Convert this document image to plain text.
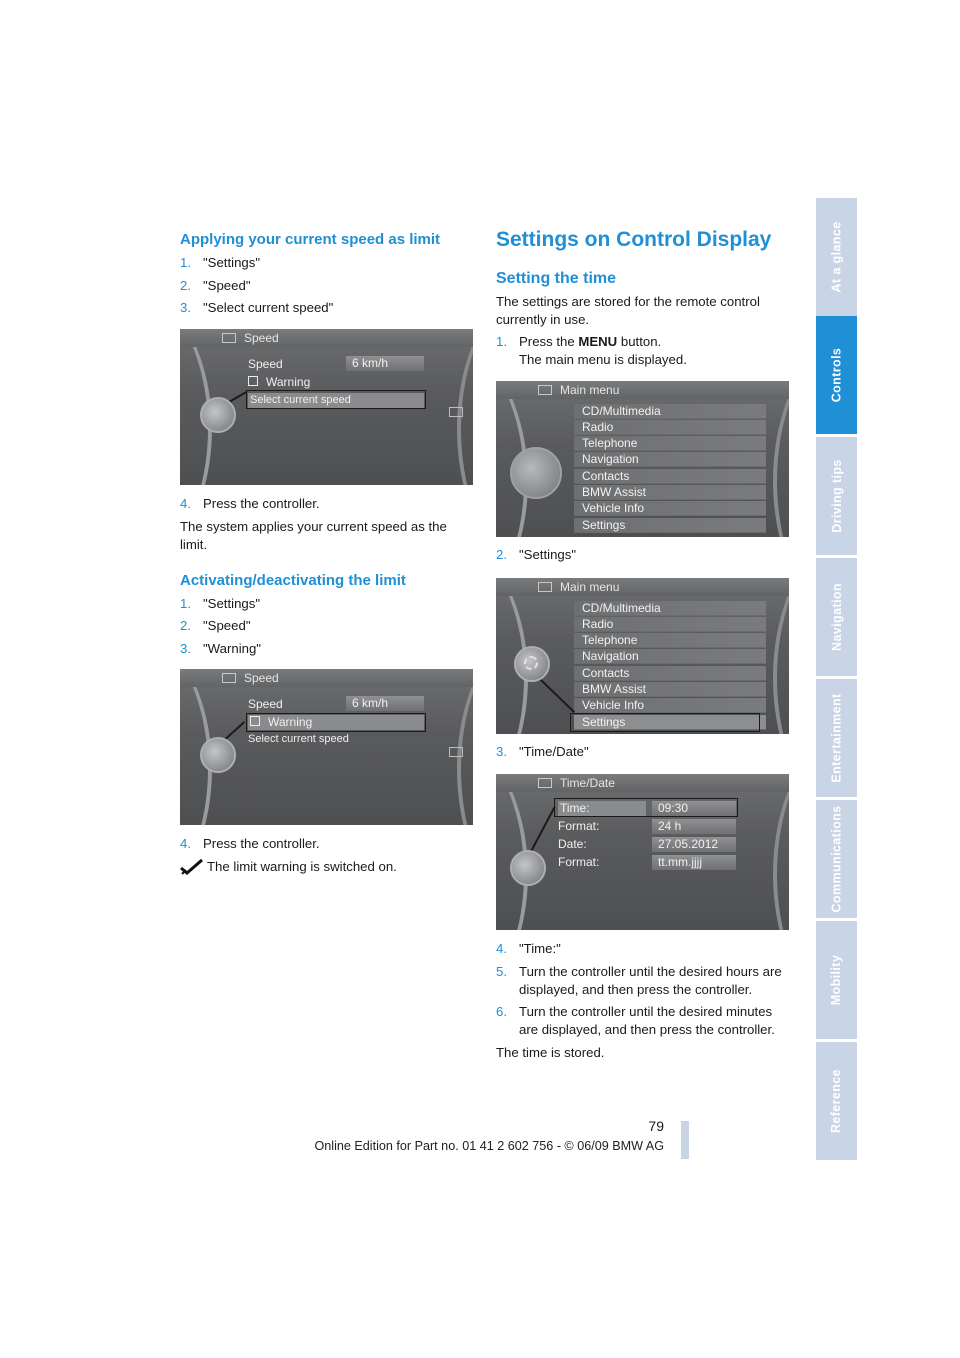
Applying your current speed as limit
1. "Settings"
2. "Speed"
3. "Select current speed"
Speed
Speed	6 km/h
Warning
Select current speed
4. Press the controller.

The system applies your current speed as the limit.

Activating/deactivating the limit
1. "Settings"
2. "Speed"
3. "Warning"
Speed
Speed	6 km/h
Warning
Select current speed
4. Press the controller.
The limit warning is switched on.
Settings on Control Display
Setting the time

The settings are stored for the remote control currently in use.

1. Press the MENU button.
The main menu is displayed.
Main menu
CD/Multimedia
Radio
Telephone
Navigation
Contacts
BMW Assist
Vehicle Info
Settings
2. "Settings"
Main menu
CD/Multimedia
Radio
Telephone
Navigation
Contacts
BMW Assist
Vehicle Info
Settings
3. "Time/Date"
Time/Date
Time:	09:30
Format:	24 h
Date:	27.05.2012
Format:	tt.mm.jjjj
4. "Time:"
5. Turn the controller until the desired hours are displayed, and then press the controller.
6. Turn the controller until the desired minutes are displayed, and then press the controller.

The time is stored.

At a glance
Controls
Driving tips
Navigation
Entertainment
Communications
Mobility
Reference
79
Online Edition for Part no. 01 41 2 602 756 - © 06/09 BMW AG
